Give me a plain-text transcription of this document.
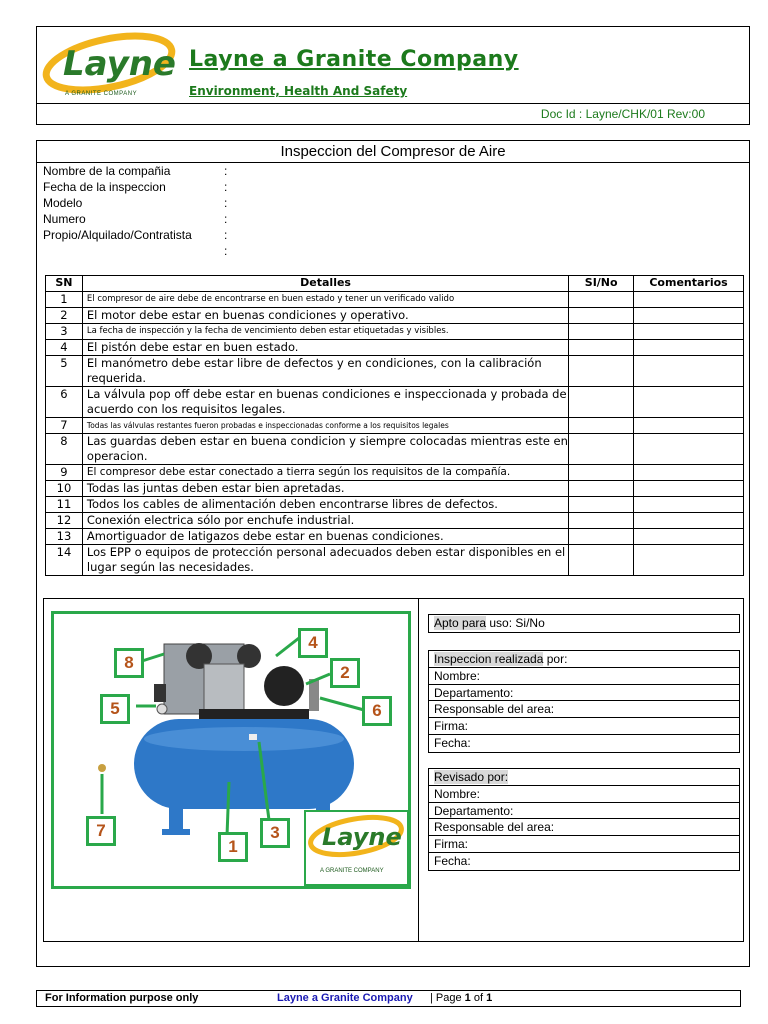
Layne
A GRANITE COMPANY
Layne a Granite Company
Environment, Health And Safety
Doc Id : Layne/CHK/01 Rev:00
Inspeccion del Compresor de Aire
Nombre de la compañia	:
Fecha de la inspeccion	:
Modelo	:
Numero	:
Propio/Alquilado/Contratista	:
:
SN	Detalles	SI/No	Comentarios
1	El compresor de aire debe de encontrarse en buen estado y tener un verificado valido		
2	El motor debe estar en buenas condiciones y operativo.		
3	La fecha de inspección y la fecha de vencimiento deben estar etiquetadas y visibles.		
4	El pistón debe estar en buen estado.		
5	El manómetro debe estar libre de defectos y en condiciones, con la calibración requerida.		
6	La válvula pop off debe estar en buenas condiciones e inspeccionada y probada de acuerdo con los requisitos legales.		
7	Todas las válvulas restantes fueron probadas e inspeccionadas conforme a los requisitos legales		
8	Las guardas deben estar en buena condicion y siempre colocadas mientras este en operacion.		
9	El compresor debe estar conectado a tierra según los requisitos de la compañía.		
10	Todas las juntas deben estar bien apretadas.		
11	Todos los cables de alimentación deben encontrarse libres de defectos.		
12	Conexión electrica sólo por enchufe industrial.		
13	Amortiguador de latigazos debe estar en buenas condiciones.		
14	Los EPP o equipos de protección personal adecuados deben estar disponibles en el lugar según las necesidades.		
1
2
3
4
5	6
7
8
Layne
A GRANITE COMPANY
Apto para uso: Si/No
Inspeccion realizada por:
Nombre:
Departamento:
Responsable del area:
Firma:
Fecha:
Revisado por:
Nombre:
Departamento:
Responsable del area:
Firma:
Fecha:
For Information purpose only	Layne a Granite Company | Page 1 of 1
